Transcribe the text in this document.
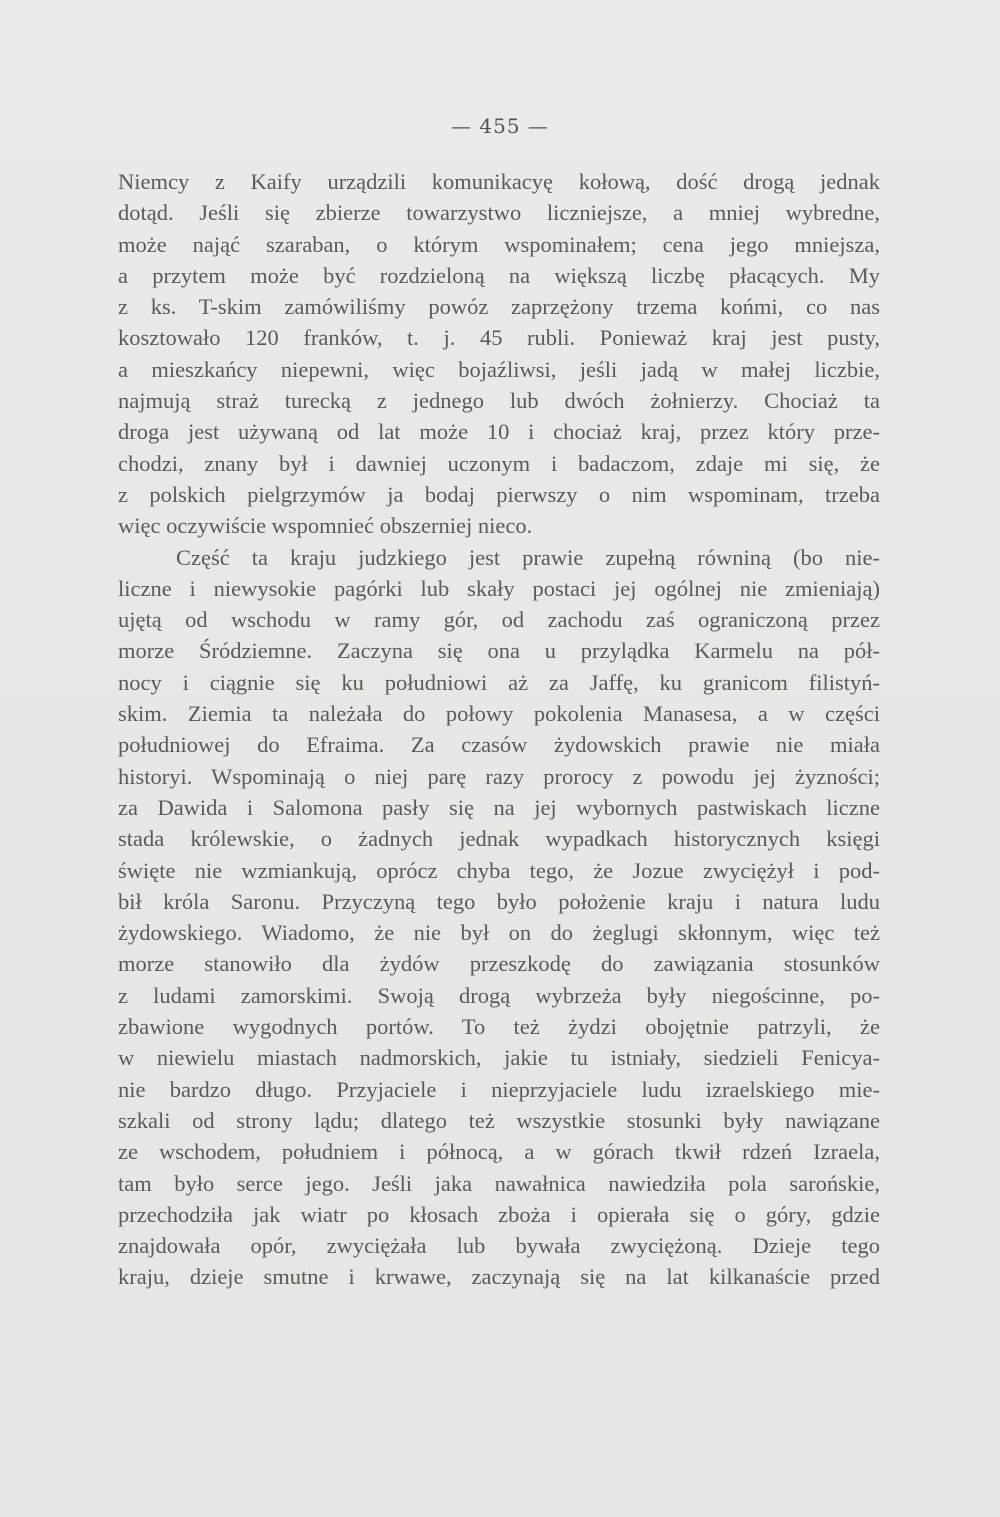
— 455 —
Niemcy z Kaify urządzili komunikacyę kołową, dość drogą jednak
dotąd. Jeśli się zbierze towarzystwo liczniejsze, a mniej wybredne,
może nająć szaraban, o którym wspominałem; cena jego mniejsza,
a przytem może być rozdzieloną na większą liczbę płacących. My
z ks. T-skim zamówiliśmy powóz zaprzężony trzema końmi, co nas
kosztowało 120 franków, t. j. 45 rubli. Ponieważ kraj jest pusty,
a mieszkańcy niepewni, więc bojaźliwsi, jeśli jadą w małej liczbie,
najmują straż turecką z jednego lub dwóch żołnierzy. Chociaż ta
droga jest używaną od lat może 10 i chociaż kraj, przez który prze-
chodzi, znany był i dawniej uczonym i badaczom, zdaje mi się, że
z polskich pielgrzymów ja bodaj pierwszy o nim wspominam, trzeba
więc oczywiście wspomnieć obszerniej nieco.
Część ta kraju judzkiego jest prawie zupełną równiną (bo nie-
liczne i niewysokie pagórki lub skały postaci jej ogólnej nie zmieniają)
ujętą od wschodu w ramy gór, od zachodu zaś ograniczoną przez
morze Śródziemne. Zaczyna się ona u przylądka Karmelu na pół-
nocy i ciągnie się ku południowi aż za Jaffę, ku granicom filistyń-
skim. Ziemia ta należała do połowy pokolenia Manasesa, a w części
południowej do Efraima. Za czasów żydowskich prawie nie miała
historyi. Wspominają o niej parę razy prorocy z powodu jej żyzności;
za Dawida i Salomona pasły się na jej wybornych pastwiskach liczne
stada królewskie, o żadnych jednak wypadkach historycznych księgi
święte nie wzmiankują, oprócz chyba tego, że Jozue zwyciężył i pod-
bił króla Saronu. Przyczyną tego było położenie kraju i natura ludu
żydowskiego. Wiadomo, że nie był on do żeglugi skłonnym, więc też
morze stanowiło dla żydów przeszkodę do zawiązania stosunków
z ludami zamorskimi. Swoją drogą wybrzeża były niegościnne, po-
zbawione wygodnych portów. To też żydzi obojętnie patrzyli, że
w niewielu miastach nadmorskich, jakie tu istniały, siedzieli Fenicya-
nie bardzo długo. Przyjaciele i nieprzyjaciele ludu izraelskiego mie-
szkali od strony lądu; dlatego też wszystkie stosunki były nawiązane
ze wschodem, południem i północą, a w górach tkwił rdzeń Izraela,
tam było serce jego. Jeśli jaka nawałnica nawiedziła pola sarońskie,
przechodziła jak wiatr po kłosach zboża i opierała się o góry, gdzie
znajdowała opór, zwyciężała lub bywała zwyciężoną. Dzieje tego
kraju, dzieje smutne i krwawe, zaczynają się na lat kilkanaście przed
